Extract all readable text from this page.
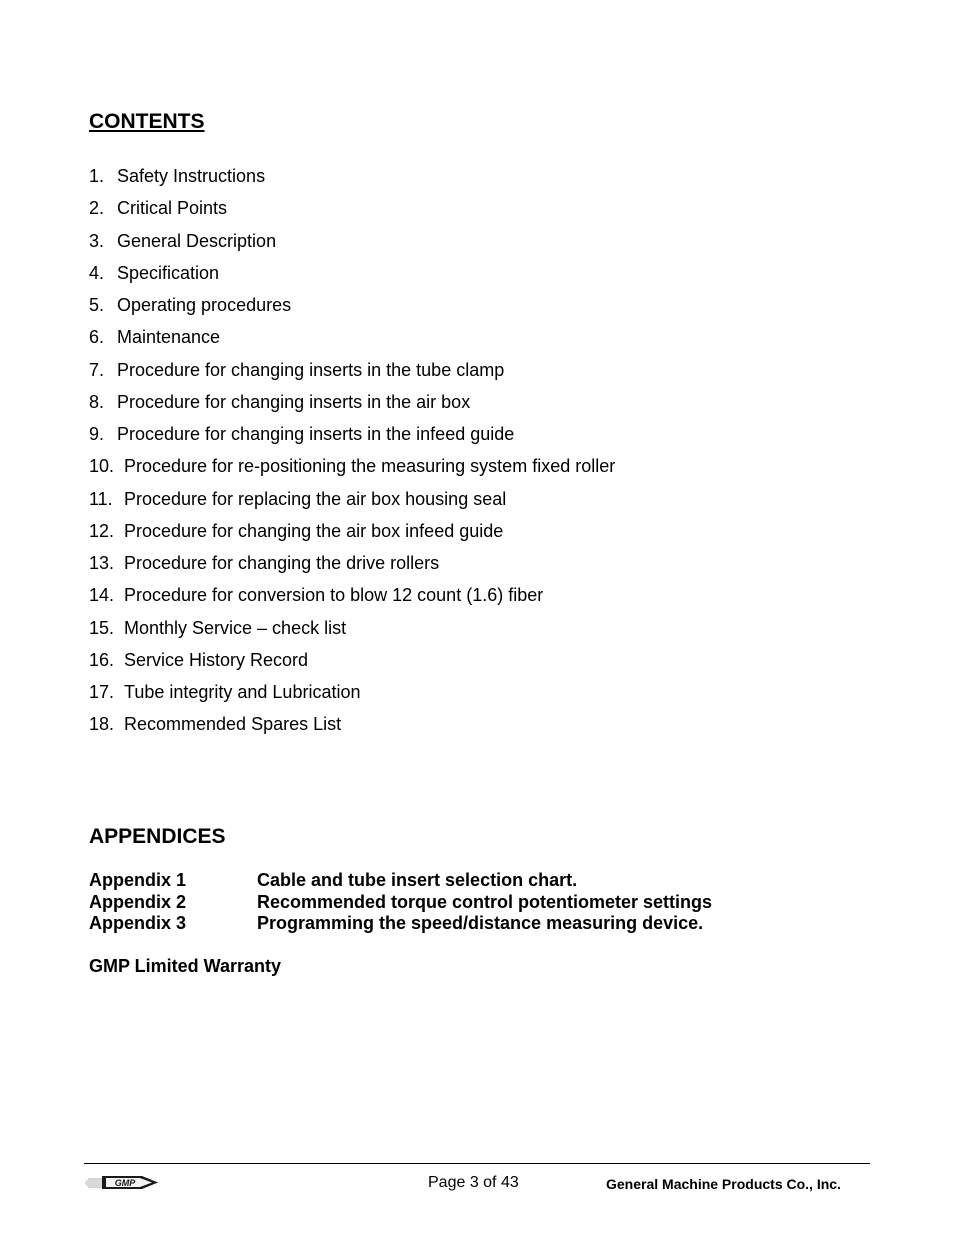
CONTENTS
1. Safety Instructions
2. Critical Points
3. General Description
4. Specification
5. Operating procedures
6. Maintenance
7. Procedure for changing inserts in the tube clamp
8. Procedure for changing inserts in the air box
9. Procedure for changing inserts in the infeed guide
10. Procedure for re-positioning the measuring system fixed roller
11. Procedure for replacing the air box housing seal
12. Procedure for changing the air box infeed guide
13. Procedure for changing the drive rollers
14. Procedure for conversion to blow 12 count (1.6) fiber
15. Monthly Service – check list
16. Service History Record
17. Tube integrity and Lubrication
18. Recommended Spares List
APPENDICES
Appendix 1	Cable and tube insert selection chart.
Appendix 2	Recommended torque control potentiometer settings
Appendix 3	Programming the speed/distance measuring device.
GMP Limited Warranty
GMP	Page 3 of 43	General Machine Products Co., Inc.
